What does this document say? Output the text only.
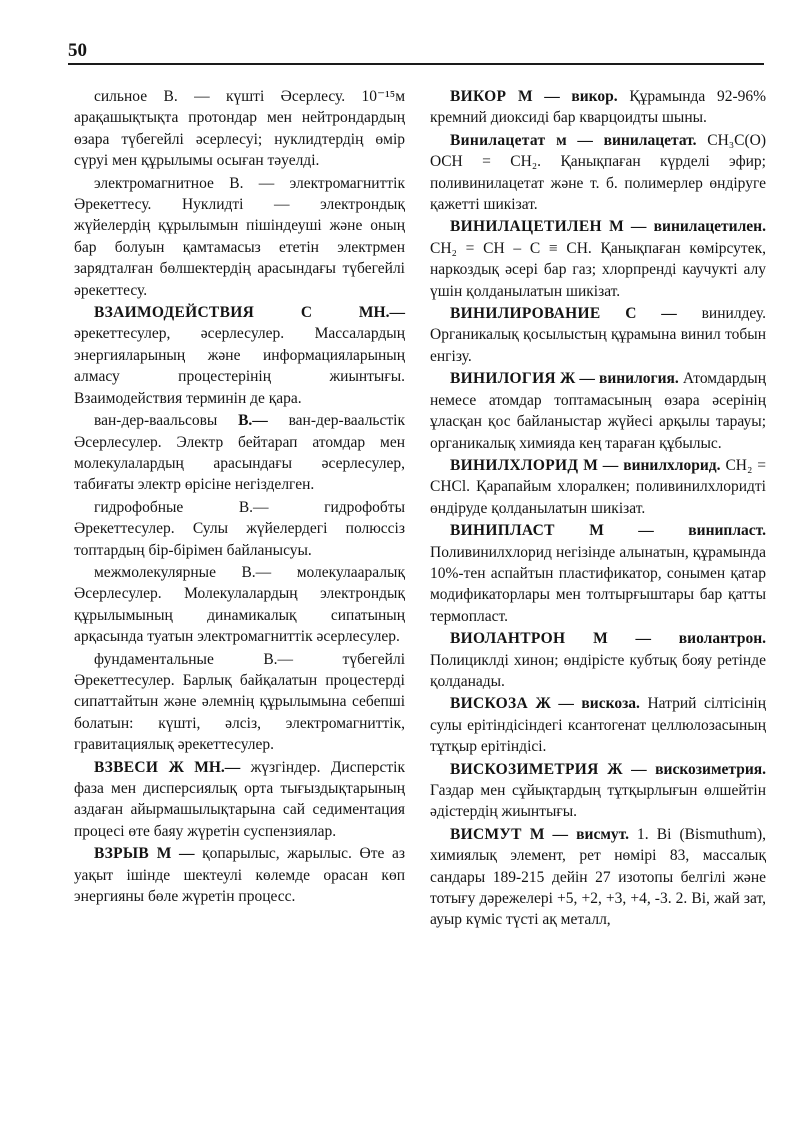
50

сильное В. — күшті Әсерлесу. 10⁻¹⁵м арақашықтықта протондар мен нейтрондардың өзара түбегейлі әсерлесуі; нуклидтердің өмір сүруі мен құрылымы осыған тәуелді.

электромагнитное В. — электромагниттік Әрекеттесу. Нуклидті — электрондық жүйелердің құрылымын пішіндеуші және оның бар болуын қамтамасыз ететін электрмен зарядталған бөлшектердің арасындағы түбегейлі әрекеттесу.

ВЗАИМОДЕЙСТВИЯ	С МН.— әрекеттесулер, әсерлесулер. Массалардың энергияларының және информацияларының алмасу процестерінің жиынтығы. Взаимодействия терминін де қара.

ван-дер-ваальсовы В.— ван-дер-ваальстік Әсерлесулер. Электр бейтарап атомдар мен молекулалардың арасындағы әсерлесулер, табиғаты электр өрісіне негізделген.

гидрофобные	В.— гидрофобты Әрекеттесулер. Сулы жүйелердегі полюссіз топтардың бір-бірімен байланысуы.

межмолекулярные В.— молекулааралық Әсерлесулер. Молекулалардың электрондық құрылымының динамикалық сипатының арқасында туатын электромагниттік әсерлесулер.

фундаментальные	В.— түбегейлі Әрекеттесулер. Барлық байқалатын процестерді сипаттайтын және әлемнің құрылымына себепші болатын: күшті, әлсіз, электромагниттік, гравитациялық әрекеттесулер.

ВЗВЕСИ Ж МН.— жүзгіндер. Дисперстік фаза мен дисперсиялық орта тығыздықтарының аздаған айырмашылықтарына сай седиментация процесі өте баяу жүретін суспензиялар.

ВЗРЫВ М — қопарылыс, жарылыс. Өте аз уақыт ішінде шектеулі көлемде орасан көп энергияны бөле жүретін процесс.

ВИКОР М — викор. Құрамында 92-96% кремний диоксиді бар кварцоидты шыны.

Винилацетат м — винилацетат. CH₃C(O) OCH = CH₂. Қанықпаған күрделі эфир; поливинилацетат және т. б. полимерлер өндіруге қажетті шикізат.

ВИНИЛАЦЕТИЛЕН М — винилацетилен. CH₂ = CH – C ≡ CH. Қанықпаған көмірсутек, наркоздық әсері бар газ; хлорпренді каучукті алу үшін қолданылатын шикізат.

ВИНИЛИРОВАНИЕ С — винилдеу. Органикалық қосылыстың құрамына винил тобын енгізу.

ВИНИЛОГИЯ Ж — винилогия. Атомдардың немесе атомдар топтамасының өзара әсерінің ұласқан қос байланыстар жүйесі арқылы тарауы; органикалық химияда кең тараған құбылыс.

ВИНИЛХЛОРИД М — винилхлорид. CH₂ = CHCl. Қарапайым хлоралкен; поливинилхлоридті өндіруде қолданылатын шикізат.

ВИНИПЛАСТ М — винипласт. Поливинилхлорид негізінде алынатын, құрамында 10%-тен аспайтын пластификатор, сонымен қатар модификаторлары мен толтырғыштары бар қатты термопласт.

ВИОЛАНТРОН М — виолантрон. Полициклді хинон; өндірісте кубтық бояу ретінде қолданады.

ВИСКОЗА Ж — вискоза. Натрий сілтісінің сулы ерітіндісіндегі ксантогенат целлюлозасының тұтқыр ерітіндісі.

ВИСКОЗИМЕТРИЯ Ж — вискозиметрия. Газдар мен сұйықтардың тұтқырлығын өлшейтін әдістердің жиынтығы.

ВИСМУТ М — висмут. 1. Bi (Bismuthum), химиялық элемент, рет нөмірі 83, массалық сандары 189-215 дейін 27 изотопы белгілі және тотығу дәрежелері +5, +2, +3, +4, -3. 2. Bi, жай зат, ауыр күміс түсті ақ металл,
